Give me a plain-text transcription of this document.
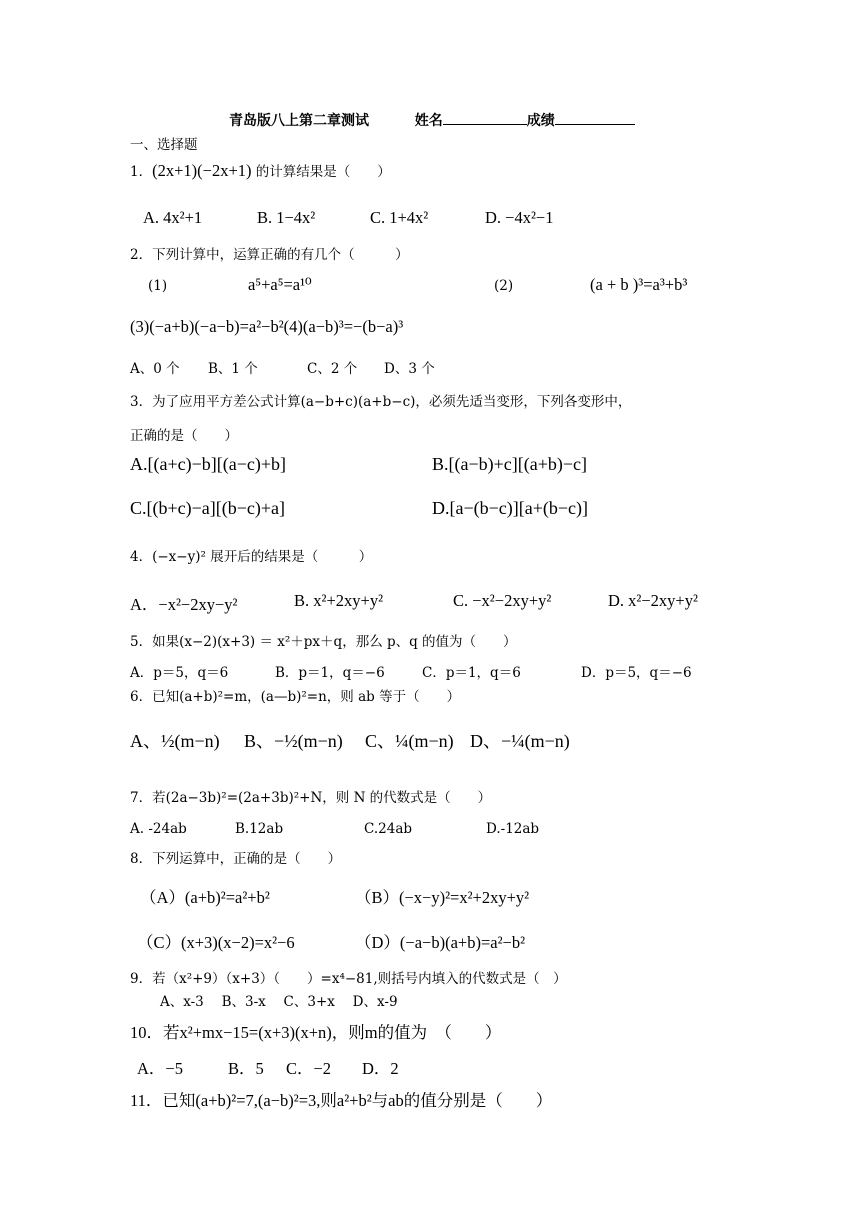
青岛版八上第二章测试	姓名	成绩
一、选择题
1．(2x+1)(−2x+1) 的计算结果是（　　）
A. 4x²+1	B. 1−4x²	C. 1+4x²	D. −4x²−1
2．下列计算中，运算正确的有几个（　　　）
(1)	a⁵+a⁵=a¹⁰	(2)	(a + b )³=a³+b³
(3)(−a+b)(−a−b)=a²−b²(4)(a−b)³=−(b−a)³
A、0 个 B、1 个	C、2 个 D、3 个
3．为了应用平方差公式计算(a−b+c)(a+b−c)，必须先适当变形，下列各变形中，
正确的是（　　）
A.[(a+c)−b][(a−c)+b]	B.[(a−b)+c][(a+b)−c]
C.[(b+c)−a][(b−c)+a]	D.[a−(b−c)][a+(b−c)]
4．(−x−y)² 展开后的结果是（　　　）
A．−x²−2xy−y²	B. x²+2xy+y²	C. −x²−2xy+y²	D. x²−2xy+y²
5．如果(x−2)(x+3) ＝ x²＋px＋q，那么 p、q 的值为（　　）
A．p＝5，q＝6	B．p＝1，q＝−6	C．p＝1，q＝6	D．p＝5，q＝−6
6．已知(a+b)²=m，(a—b)²=n，则 ab 等于（　　）
A、½(m−n) B、−½(m−n) C、¼(m−n) D、−¼(m−n)
7．若(2a−3b)²=(2a+3b)²+N，则 N 的代数式是（　　）
A. -24ab	B.12ab	C.24ab	D.-12ab
8．下列运算中，正确的是（　　）
（A）(a+b)²=a²+b²	（B）(−x−y)²=x²+2xy+y²
（C）(x+3)(x−2)=x²−6	（D）(−a−b)(a+b)=a²−b²
9．若（x²+9）（x+3）（　　）=x⁴−81,则括号内填入的代数式是（　）
A、x-3　 B、3-x　 C、3+x　 D、x-9
10．若x²+mx−15=(x+3)(x+n)，则m的值为　（　　）
A．−5	B．5 C．−2 D．2
11．已知(a+b)²=7,(a−b)²=3,则a²+b²与ab的值分别是（　　）
